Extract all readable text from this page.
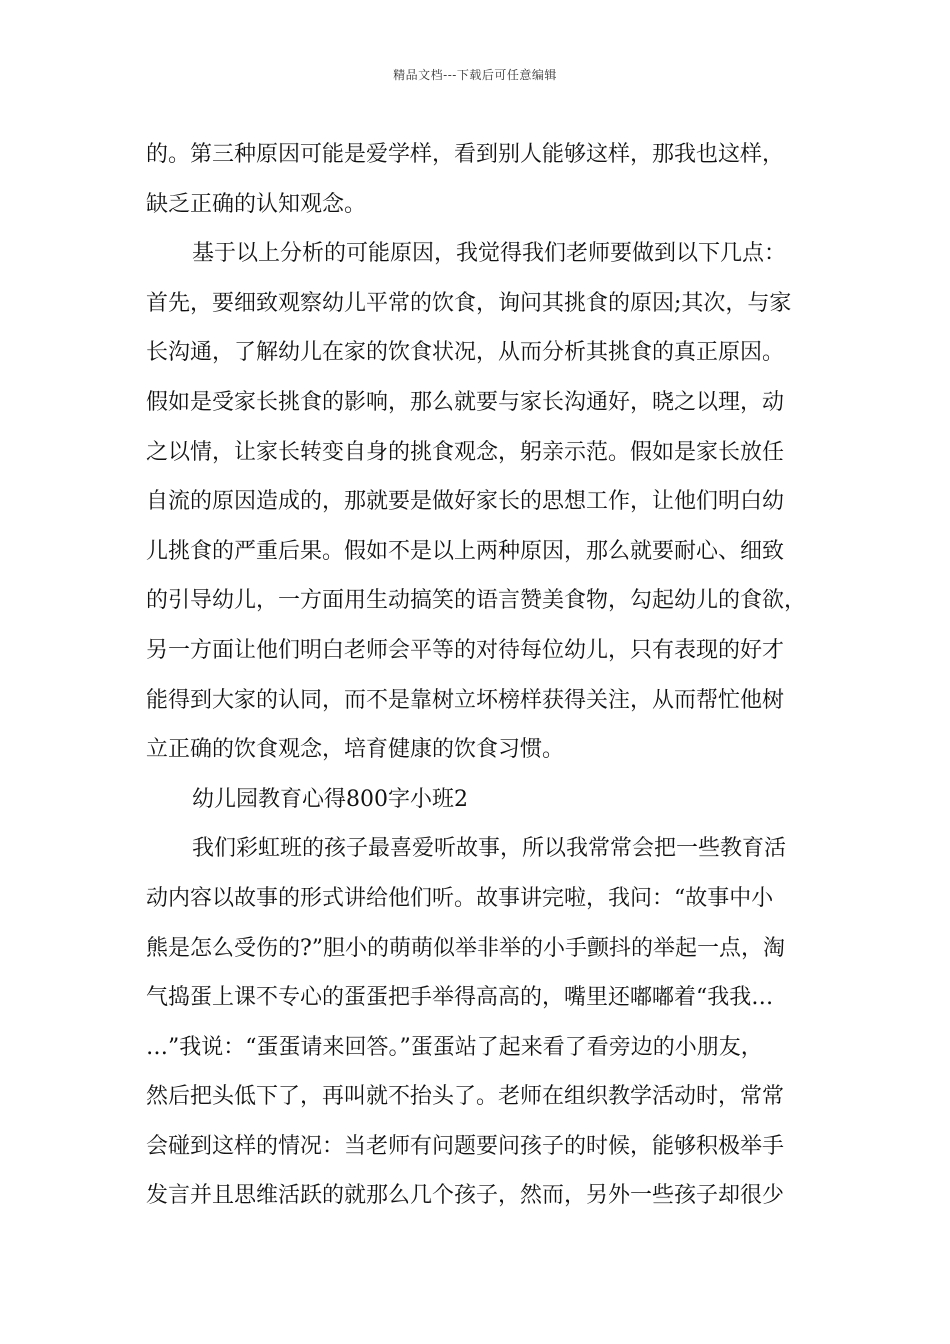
精品文档---下载后可任意编辑
的。第三种原因可能是爱学样，看到别人能够这样，那我也这样，
缺乏正确的认知观念。
基于以上分析的可能原因，我觉得我们老师要做到以下几点：
首先，要细致观察幼儿平常的饮食，询问其挑食的原因;其次，与家
长沟通，了解幼儿在家的饮食状况，从而分析其挑食的真正原因。
假如是受家长挑食的影响，那么就要与家长沟通好，晓之以理，动
之以情，让家长转变自身的挑食观念，躬亲示范。假如是家长放任
自流的原因造成的，那就要是做好家长的思想工作，让他们明白幼
儿挑食的严重后果。假如不是以上两种原因，那么就要耐心、细致
的引导幼儿，一方面用生动搞笑的语言赞美食物，勾起幼儿的食欲，
另一方面让他们明白老师会平等的对待每位幼儿，只有表现的好才
能得到大家的认同，而不是靠树立坏榜样获得关注，从而帮忙他树
立正确的饮食观念，培育健康的饮食习惯。
幼儿园教育心得800字小班2
我们彩虹班的孩子最喜爱听故事，所以我常常会把一些教育活
动内容以故事的形式讲给他们听。故事讲完啦，我问：“故事中小
熊是怎么受伤的?”胆小的萌萌似举非举的小手颤抖的举起一点，淘
气捣蛋上课不专心的蛋蛋把手举得高高的，嘴里还嘟嘟着“我我…
…”我说：“蛋蛋请来回答。”蛋蛋站了起来看了看旁边的小朋友，
然后把头低下了，再叫就不抬头了。老师在组织教学活动时，常常
会碰到这样的情况：当老师有问题要问孩子的时候，能够积极举手
发言并且思维活跃的就那么几个孩子，然而，另外一些孩子却很少
